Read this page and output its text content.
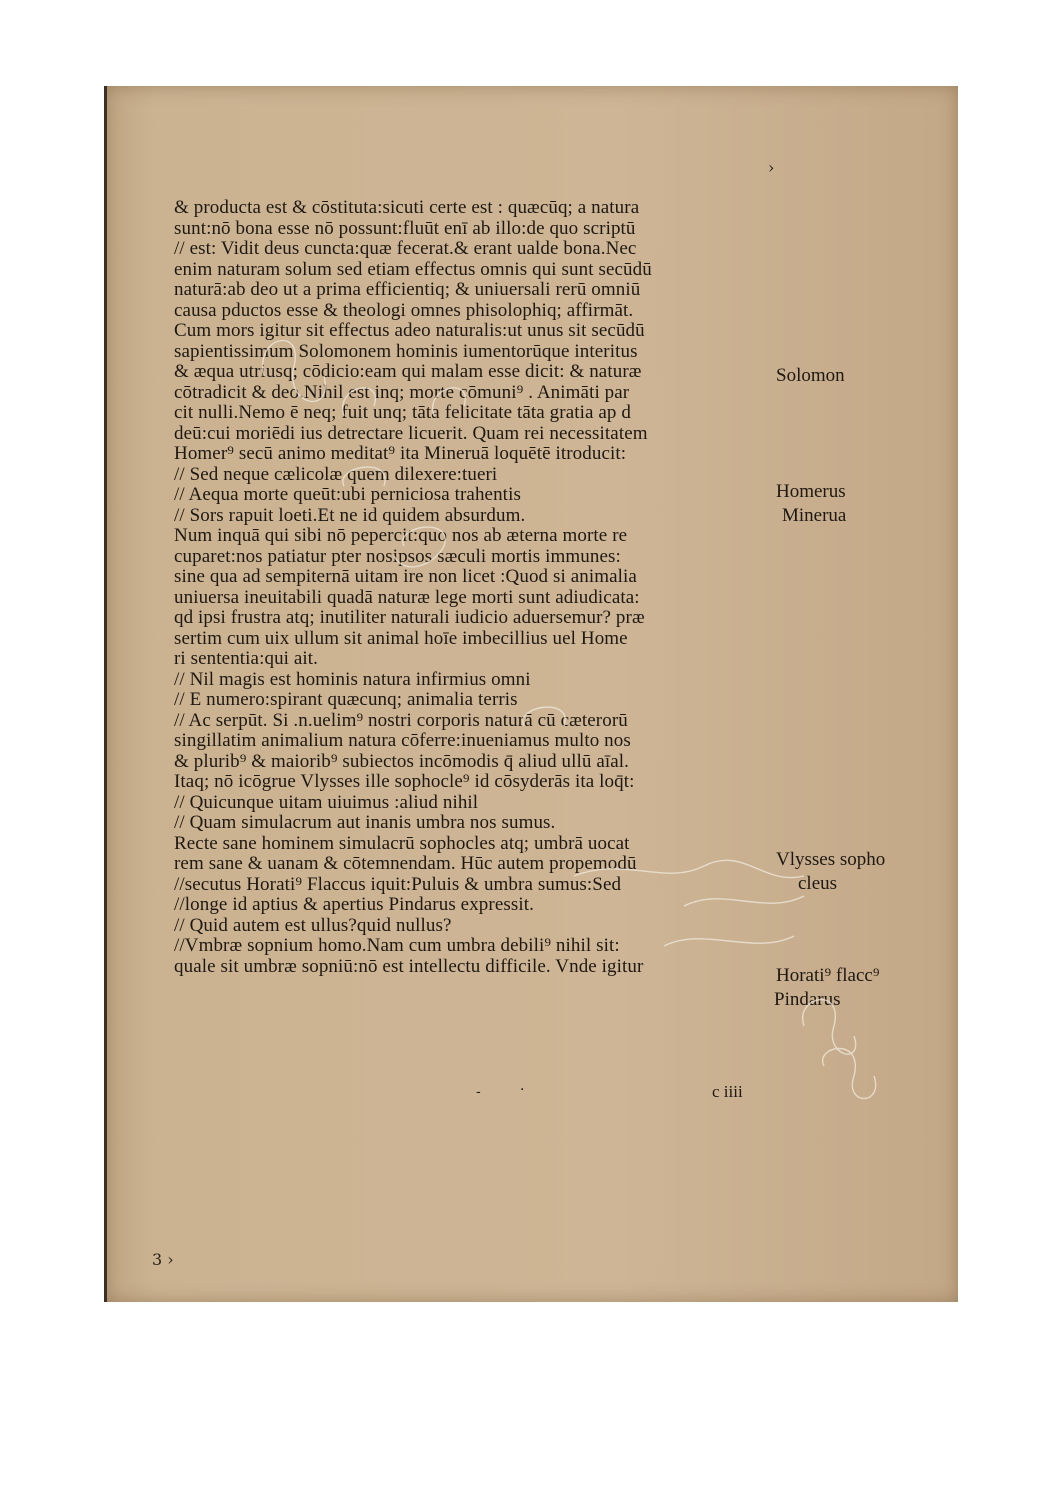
›
& producta est & cōstituta:sicuti certe est : quæcūq; a natura
sunt:nō bona esse nō possunt:fluūt enī ab illo:de quo scriptū
// est: Vidit deus cuncta:quæ fecerat.& erant ualde bona.Nec
enim naturam solum sed etiam effectus omnis qui sunt secūdū
naturā:ab deo ut a prima efficientiq; & uniuersali rerū omniū
causa pductos esse & theologi omnes phisolophiq; affirmāt.
Cum mors igitur sit effectus adeo naturalis:ut unus sit secūdū
sapientissimum Solomonem hominis iumentorūque interitus
& æqua utriusq; cōdicio:eam qui malam esse dicit: & naturæ
cōtradicit & deo.Nihil est inq; morte cōmuni⁹ . Animāti par
cit nulli.Nemo ē neq; fuit unq; tāta felicitate tāta gratia ap d
deū:cui moriēdi ius detrectare licuerit. Quam rei necessitatem
Homer⁹ secū animo meditat⁹ ita Mineruā loquētē itroducit:
// Sed neque cælicolæ quem dilexere:tueri
// Aequa morte queūt:ubi perniciosa trahentis
// Sors rapuit loeti.Et ne id quidem absurdum.
Num inquā qui sibi nō pepercit:quo nos ab æterna morte re
cuparet:nos patiatur pter nosipsos sæculi mortis immunes:
sine qua ad sempiternā uitam ire non licet :Quod si animalia
uniuersa ineuitabili quadā naturæ lege morti sunt adiudicata:
qd ipsi frustra atq; inutiliter naturali iudicio aduersemur? præ
sertim cum uix ullum sit animal hoīe imbecillius uel Home
ri sententia:qui ait.
// Nil magis est hominis natura infirmius omni
// E numero:spirant quæcunq; animalia terris
// Ac serpūt. Si .n.uelim⁹ nostri corporis naturā cū cæterorū
singillatim animalium natura cōferre:inueniamus multo nos
& plurib⁹ & maiorib⁹ subiectos incōmodis q̄ aliud ullū aīal.
Itaq; nō icōgrue Vlysses ille sophocle⁹ id cōsyderās ita loq̄t:
// Quicunque uitam uiuimus :aliud nihil
// Quam simulacrum aut inanis umbra nos sumus.
Recte sane hominem simulacrū sophocles atq; umbrā uocat
rem sane & uanam & cōtemnendam. Hūc autem propemodū
//secutus Horati⁹ Flaccus iquit:Puluis & umbra sumus:Sed
//longe id aptius & apertius Pindarus expressit.
// Quid autem est ullus?quid nullus?
//Vmbræ sopnium homo.Nam cum umbra debili⁹ nihil sit:
quale sit umbræ sopniū:nō est intellectu difficile. Vnde igitur
Solomon
Homerus
Minerua
Vlysses sopho
cleus
Horati⁹ flacc⁹
Pindarus
-	·	c iiii
3 ›
